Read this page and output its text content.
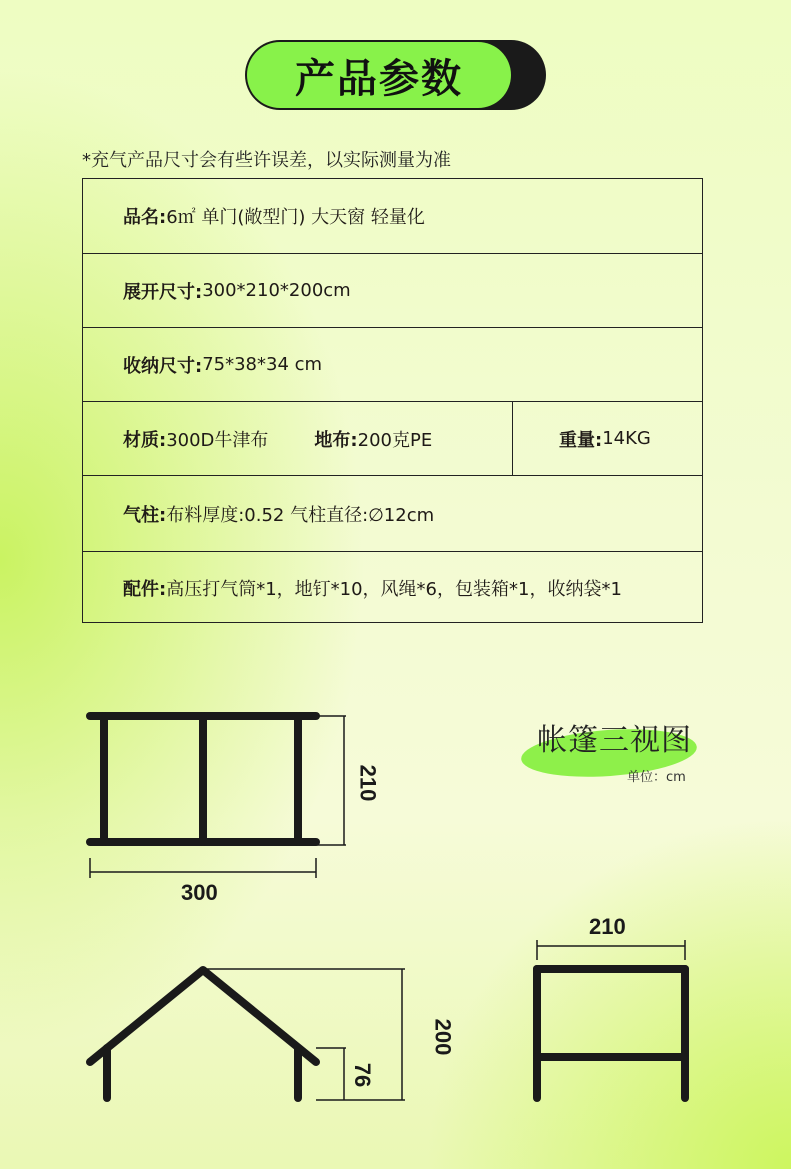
产品参数
*充气产品尺寸会有些许误差，以实际测量为准
品名: 6㎡ 单门(敞型门) 大天窗 轻量化
展开尺寸: 300*210*200cm
收纳尺寸: 75*38*34 cm
材质: 300D牛津布	地布: 200克PE	重量: 14KG
气柱: 布料厚度:0.52 气柱直径:∅12cm
配件: 高压打气筒*1，地钉*10，风绳*6，包装箱*1，收纳袋*1
帐篷三视图
单位：cm
210
300
200
76
210
